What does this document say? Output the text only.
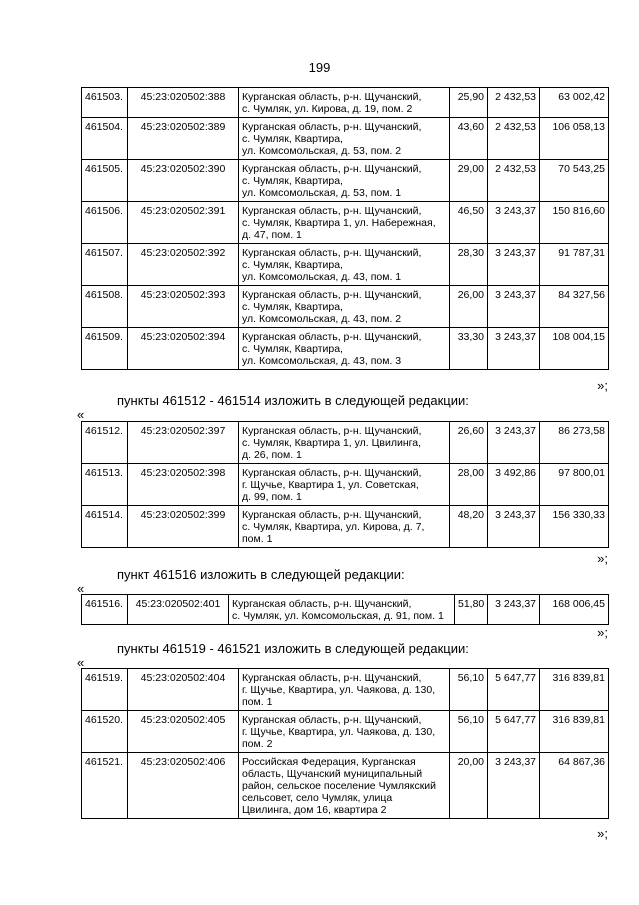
199
461503.	45:23:020502:388	Курганская область, р-н. Щучанский,
с. Чумляк, ул. Кирова, д. 19, пом. 2	25,90	2 432,53	63 002,42
461504.	45:23:020502:389	Курганская область, р-н. Щучанский,
с. Чумляк, Квартира,
ул. Комсомольская, д. 53, пом. 2	43,60	2 432,53	106 058,13
461505.	45:23:020502:390	Курганская область, р-н. Щучанский,
с. Чумляк, Квартира,
ул. Комсомольская, д. 53, пом. 1	29,00	2 432,53	70 543,25
461506.	45:23:020502:391	Курганская область, р-н. Щучанский,
с. Чумляк, Квартира 1, ул. Набережная,
д. 47, пом. 1	46,50	3 243,37	150 816,60
461507.	45:23:020502:392	Курганская область, р-н. Щучанский,
с. Чумляк, Квартира,
ул. Комсомольская, д. 43, пом. 1	28,30	3 243,37	91 787,31
461508.	45:23:020502:393	Курганская область, р-н. Щучанский,
с. Чумляк, Квартира,
ул. Комсомольская, д. 43, пом. 2	26,00	3 243,37	84 327,56
461509.	45:23:020502:394	Курганская область, р-н. Щучанский,
с. Чумляк, Квартира,
ул. Комсомольская, д. 43, пом. 3	33,30	3 243,37	108 004,15
»;
пункты 461512 - 461514 изложить в следующей редакции:
«
461512.	45:23:020502:397	Курганская область, р-н. Щучанский,
с. Чумляк, Квартира 1, ул. Цвилинга,
д. 26, пом. 1	26,60	3 243,37	86 273,58
461513.	45:23:020502:398	Курганская область, р-н. Щучанский,
г. Щучье, Квартира 1, ул. Советская,
д. 99, пом. 1	28,00	3 492,86	97 800,01
461514.	45:23:020502:399	Курганская область, р-н. Щучанский,
с. Чумляк, Квартира, ул. Кирова, д. 7,
пом. 1	48,20	3 243,37	156 330,33
»;
пункт 461516 изложить в следующей редакции:
«
461516.	45:23:020502:401	Курганская область, р-н. Щучанский,
с. Чумляк, ул. Комсомольская, д. 91, пом. 1	51,80	3 243,37	168 006,45
»;
пункты 461519 - 461521 изложить в следующей редакции:
«
461519.	45:23:020502:404	Курганская область, р-н. Щучанский,
г. Щучье, Квартира, ул. Чаякова, д. 130,
пом. 1	56,10	5 647,77	316 839,81
461520.	45:23:020502:405	Курганская область, р-н. Щучанский,
г. Щучье, Квартира, ул. Чаякова, д. 130,
пом. 2	56,10	5 647,77	316 839,81
461521.	45:23:020502:406	Российская Федерация, Курганская
область, Щучанский муниципальный
район, сельское поселение Чумлякский
сельсовет, село Чумляк, улица
Цвилинга, дом 16, квартира 2	20,00	3 243,37	64 867,36
»;
